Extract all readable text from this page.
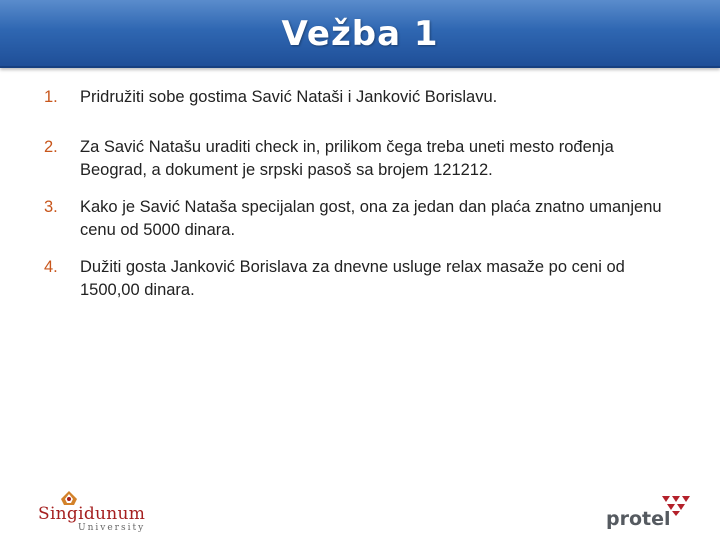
Vežba 1
1. Pridružiti sobe gostima Savić Nataši i Janković Borislavu.
2. Za Savić Natašu uraditi check in, prilikom čega treba uneti mesto rođenja Beograd, a dokument je srpski pasoš sa brojem 121212.
3. Kako je Savić Nataša specijalan gost, ona za jedan dan plaća znatno umanjenu cenu od 5000 dinara.
4. Dužiti gosta Janković Borislava za dnevne usluge relax masaže po ceni od 1500,00 dinara.
Singidunum
University	protel
